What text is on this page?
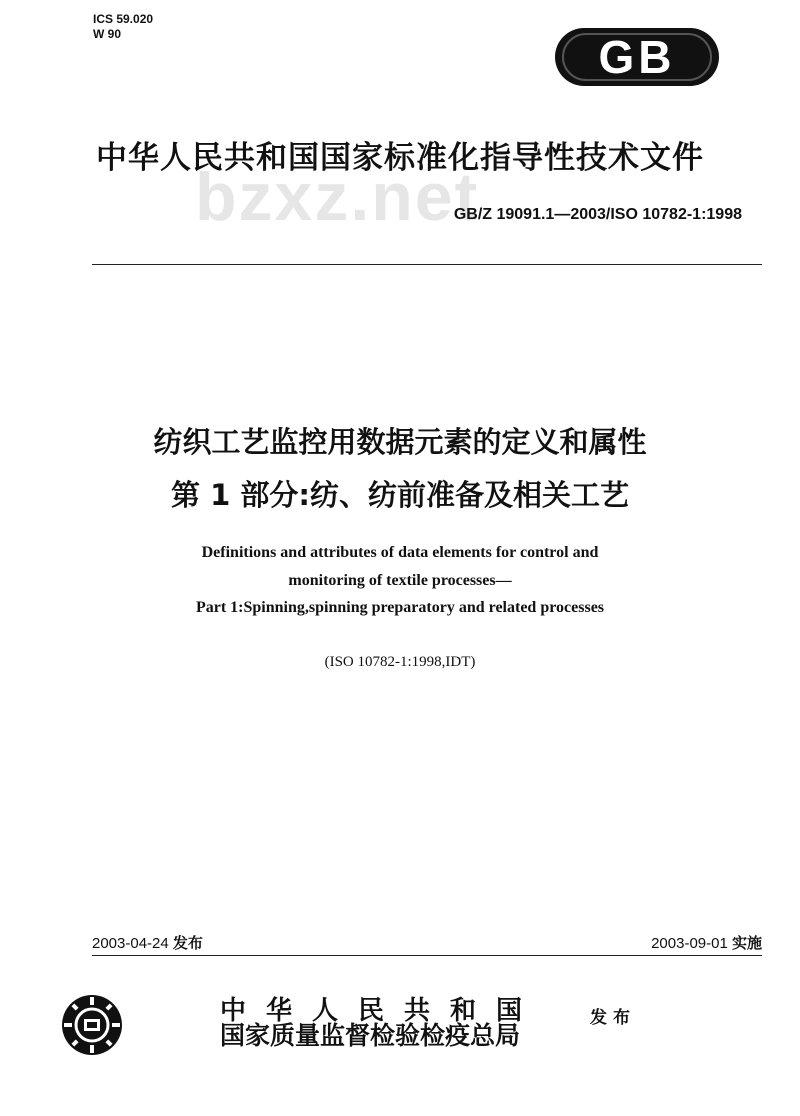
ICS 59.020
W 90	GB
bzxz.net
中华人民共和国国家标准化指导性技术文件
GB/Z 19091.1—2003/ISO 10782-1:1998
纺织工艺监控用数据元素的定义和属性
第 1 部分:纺、纺前准备及相关工艺
Definitions and attributes of data elements for control and
monitoring of textile processes—
Part 1:Spinning,spinning preparatory and related processes
(ISO 10782-1:1998,IDT)
2003-04-24 发布	2003-09-01 实施
中华人民共和国
国家质量监督检验检疫总局
发布
